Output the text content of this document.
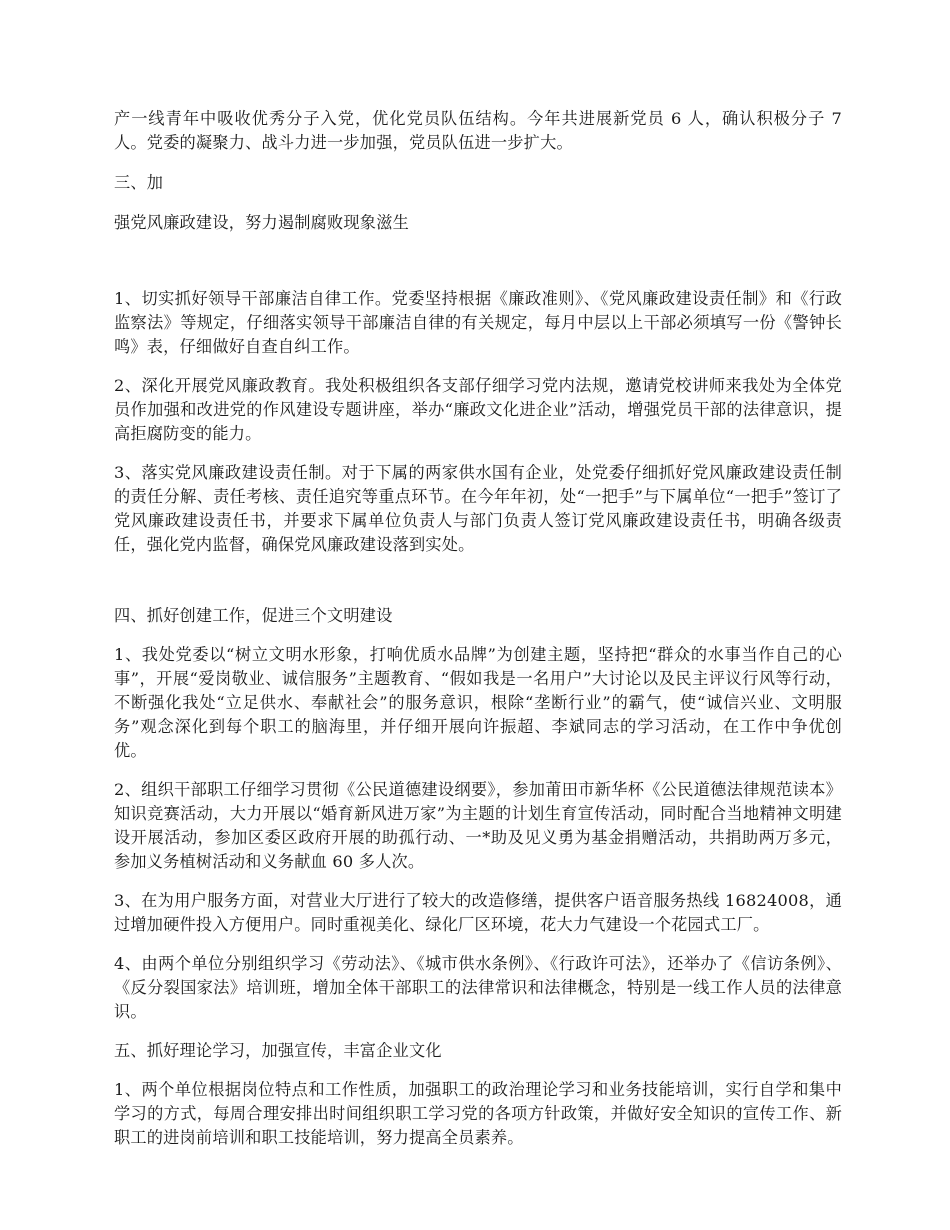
产一线青年中吸收优秀分子入党，优化党员队伍结构。今年共进展新党员 6 人，确认积极分子 7 人。党委的凝聚力、战斗力进一步加强，党员队伍进一步扩大。

三、加

强党风廉政建设，努力遏制腐败现象滋生

1、切实抓好领导干部廉洁自律工作。党委坚持根据《廉政准则》、《党风廉政建设责任制》和《行政监察法》等规定，仔细落实领导干部廉洁自律的有关规定，每月中层以上干部必须填写一份《警钟长鸣》表，仔细做好自查自纠工作。

2、深化开展党风廉政教育。我处积极组织各支部仔细学习党内法规，邀请党校讲师来我处为全体党员作加强和改进党的作风建设专题讲座，举办“廉政文化进企业”活动，增强党员干部的法律意识，提高拒腐防变的能力。

3、落实党风廉政建设责任制。对于下属的两家供水国有企业，处党委仔细抓好党风廉政建设责任制的责任分解、责任考核、责任追究等重点环节。在今年年初，处“一把手”与下属单位“一把手”签订了党风廉政建设责任书，并要求下属单位负责人与部门负责人签订党风廉政建设责任书，明确各级责任，强化党内监督，确保党风廉政建设落到实处。

四、抓好创建工作，促进三个文明建设

1、我处党委以“树立文明水形象，打响优质水品牌”为创建主题，坚持把“群众的水事当作自己的心事”，开展“爱岗敬业、诚信服务”主题教育、“假如我是一名用户”大讨论以及民主评议行风等行动，不断强化我处“立足供水、奉献社会”的服务意识，根除“垄断行业”的霸气，使“诚信兴业、文明服务”观念深化到每个职工的脑海里，并仔细开展向许振超、李斌同志的学习活动，在工作中争优创优。

2、组织干部职工仔细学习贯彻《公民道德建设纲要》，参加莆田市新华杯《公民道德法律规范读本》知识竞赛活动，大力开展以“婚育新风进万家”为主题的计划生育宣传活动，同时配合当地精神文明建设开展活动，参加区委区政府开展的助孤行动、一*助及见义勇为基金捐赠活动，共捐助两万多元，参加义务植树活动和义务献血 60 多人次。

3、在为用户服务方面，对营业大厅进行了较大的改造修缮，提供客户语音服务热线 16824008，通过增加硬件投入方便用户。同时重视美化、绿化厂区环境，花大力气建设一个花园式工厂。

4、由两个单位分别组织学习《劳动法》、《城市供水条例》、《行政许可法》，还举办了《信访条例》、《反分裂国家法》培训班，增加全体干部职工的法律常识和法律概念，特别是一线工作人员的法律意识。

五、抓好理论学习，加强宣传，丰富企业文化

1、两个单位根据岗位特点和工作性质，加强职工的政治理论学习和业务技能培训，实行自学和集中学习的方式，每周合理安排出时间组织职工学习党的各项方针政策，并做好安全知识的宣传工作、新职工的进岗前培训和职工技能培训，努力提高全员素养。
